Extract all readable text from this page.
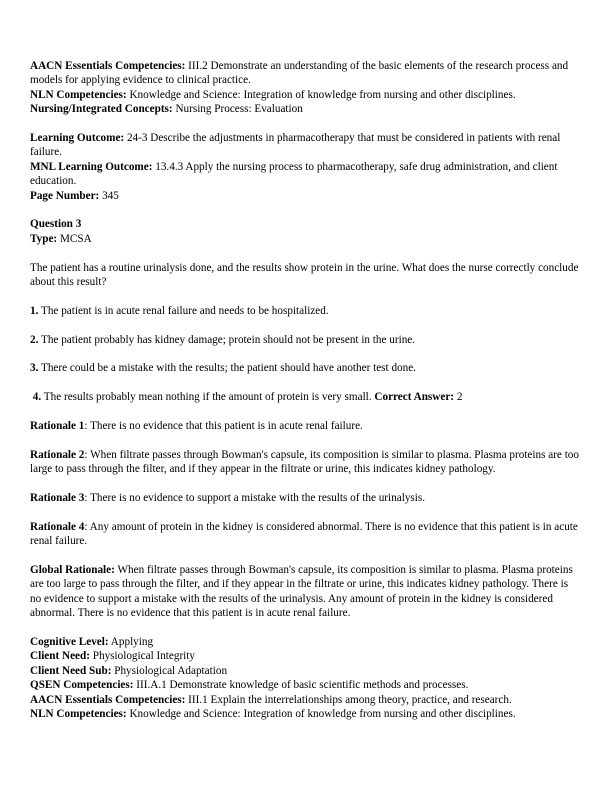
AACN Essentials Competencies: III.2 Demonstrate an understanding of the basic elements of the research process and models for applying evidence to clinical practice.

NLN Competencies: Knowledge and Science: Integration of knowledge from nursing and other disciplines.

Nursing/Integrated Concepts: Nursing Process: Evaluation

Learning Outcome: 24-3 Describe the adjustments in pharmacotherapy that must be considered in patients with renal failure.

MNL Learning Outcome: 13.4.3 Apply the nursing process to pharmacotherapy, safe drug administration, and client education.

Page Number: 345

Question 3

Type: MCSA

The patient has a routine urinalysis done, and the results show protein in the urine. What does the nurse correctly conclude about this result?

1. The patient is in acute renal failure and needs to be hospitalized.

2. The patient probably has kidney damage; protein should not be present in the urine.

3. There could be a mistake with the results; the patient should have another test done.

4. The results probably mean nothing if the amount of protein is very small. Correct Answer: 2

Rationale 1: There is no evidence that this patient is in acute renal failure.

Rationale 2: When filtrate passes through Bowman's capsule, its composition is similar to plasma. Plasma proteins are too large to pass through the filter, and if they appear in the filtrate or urine, this indicates kidney pathology.

Rationale 3: There is no evidence to support a mistake with the results of the urinalysis.

Rationale 4: Any amount of protein in the kidney is considered abnormal. There is no evidence that this patient is in acute renal failure.

Global Rationale: When filtrate passes through Bowman's capsule, its composition is similar to plasma. Plasma proteins are too large to pass through the filter, and if they appear in the filtrate or urine, this indicates kidney pathology. There is no evidence to support a mistake with the results of the urinalysis. Any amount of protein in the kidney is considered abnormal. There is no evidence that this patient is in acute renal failure.

Cognitive Level: Applying

Client Need: Physiological Integrity

Client Need Sub: Physiological Adaptation

QSEN Competencies: III.A.1 Demonstrate knowledge of basic scientific methods and processes.

AACN Essentials Competencies: III.1 Explain the interrelationships among theory, practice, and research.

NLN Competencies: Knowledge and Science: Integration of knowledge from nursing and other disciplines.
